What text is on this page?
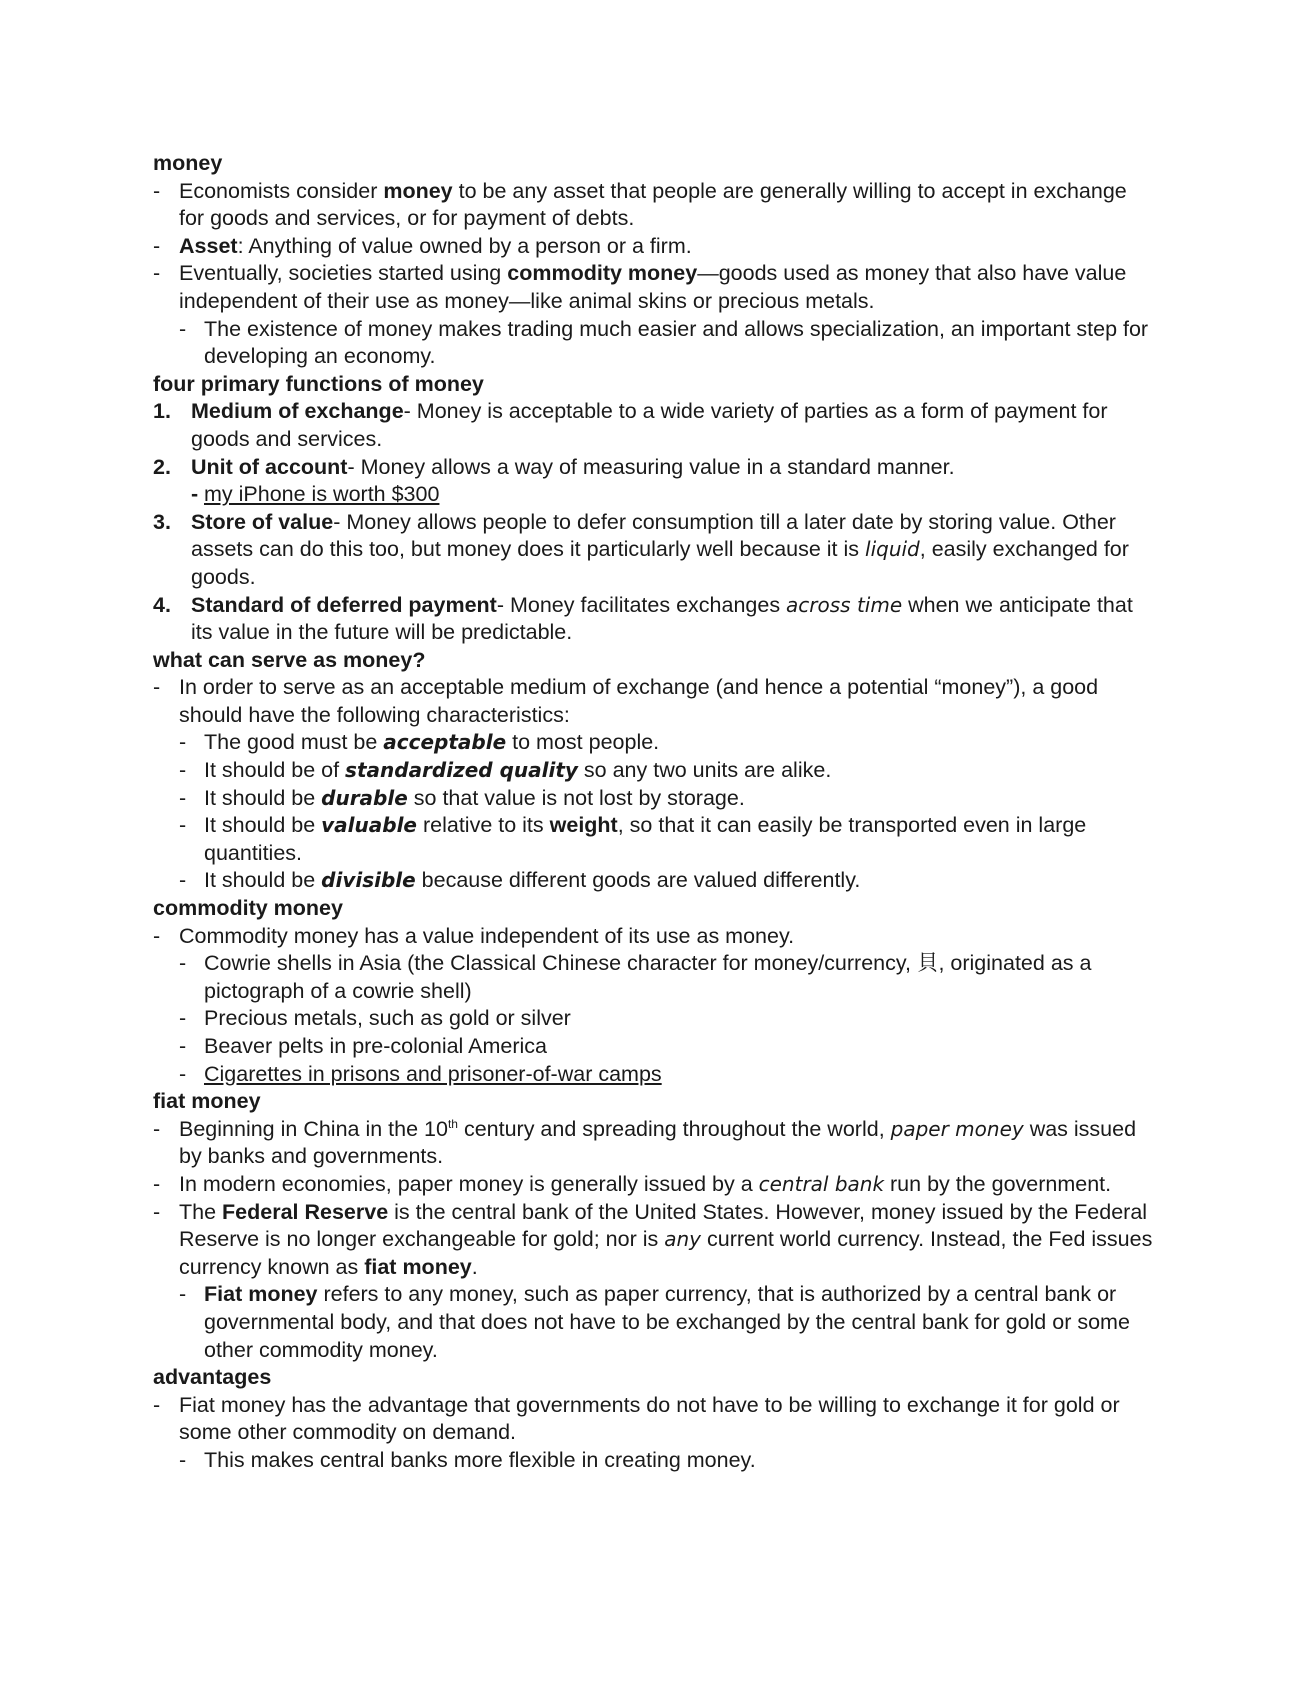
money
- Economists consider money to be any asset that people are generally willing to accept in exchange for goods and services, or for payment of debts.
- Asset: Anything of value owned by a person or a firm.
- Eventually, societies started using commodity money—goods used as money that also have value independent of their use as money—like animal skins or precious metals.
- The existence of money makes trading much easier and allows specialization, an important step for developing an economy.
four primary functions of money
1. Medium of exchange- Money is acceptable to a wide variety of parties as a form of payment for goods and services.
2. Unit of account- Money allows a way of measuring value in a standard manner.
- my iPhone is worth $300
3. Store of value- Money allows people to defer consumption till a later date by storing value. Other assets can do this too, but money does it particularly well because it is liquid, easily exchanged for goods.
4. Standard of deferred payment- Money facilitates exchanges across time when we anticipate that its value in the future will be predictable.
what can serve as money?
- In order to serve as an acceptable medium of exchange (and hence a potential “money”), a good should have the following characteristics:
- The good must be acceptable to most people.
- It should be of standardized quality so any two units are alike.
- It should be durable so that value is not lost by storage.
- It should be valuable relative to its weight, so that it can easily be transported even in large quantities.
- It should be divisible because different goods are valued differently.
commodity money
- Commodity money has a value independent of its use as money.
- Cowrie shells in Asia (the Classical Chinese character for money/currency, 貝, originated as a pictograph of a cowrie shell)
- Precious metals, such as gold or silver
- Beaver pelts in pre-colonial America
- Cigarettes in prisons and prisoner-of-war camps
fiat money
- Beginning in China in the 10th century and spreading throughout the world, paper money was issued by banks and governments.
- In modern economies, paper money is generally issued by a central bank run by the government.
- The Federal Reserve is the central bank of the United States. However, money issued by the Federal Reserve is no longer exchangeable for gold; nor is any current world currency. Instead, the Fed issues currency known as fiat money.
- Fiat money refers to any money, such as paper currency, that is authorized by a central bank or governmental body, and that does not have to be exchanged by the central bank for gold or some other commodity money.
advantages
- Fiat money has the advantage that governments do not have to be willing to exchange it for gold or some other commodity on demand.
- This makes central banks more flexible in creating money.
